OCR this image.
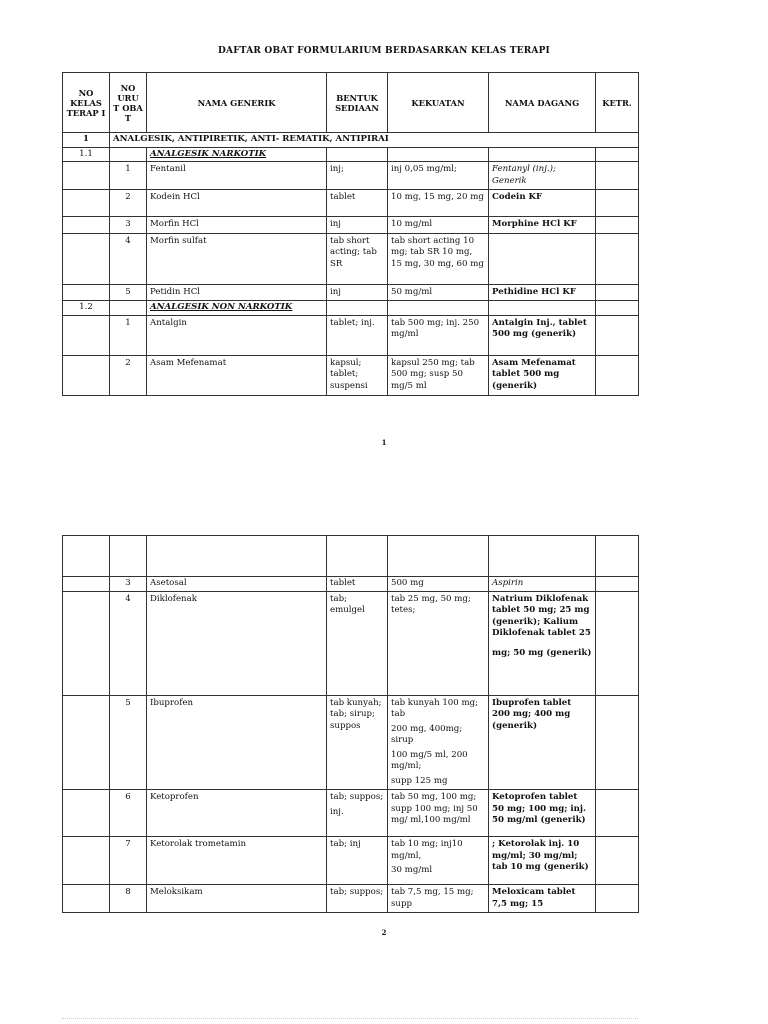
DAFTAR OBAT FORMULARIUM BERDASARKAN KELAS TERAPI
NO KELAS TERAP I	NO URU T OBA T	NAMA GENERIK	BENTUK SEDIAAN	KEKUATAN	NAMA DAGANG	KETR.
1	ANALGESIK, ANTIPIRETIK, ANTI- REMATIK, ANTIPIRAI					
1.1		ANALGESIK NARKOTIK				
	1	Fentanil	inj;	inj 0,05 mg/ml;	Fentanyl (inj.); Generik	
	2	Kodein HCl	tablet	10 mg, 15 mg, 20 mg	Codein KF	
	3	Morfin HCl	inj	10 mg/ml	Morphine HCl KF	
	4	Morfin sulfat	tab short acting; tab SR	tab short acting 10 mg; tab SR 10 mg, 15 mg, 30 mg, 60 mg		
	5	Petidin HCl	inj	50 mg/ml	Pethidine HCl KF	
1.2		ANALGESIK NON NARKOTIK				
	1	Antalgin	tablet; inj.	tab 500 mg; inj. 250 mg/ml	Antalgin Inj., tablet 500 mg (generik)	
	2	Asam Mefenamat	kapsul; tablet; suspensi	kapsul 250 mg; tab 500 mg; susp 50 mg/5 ml	Asam Mefenamat tablet 500 mg (generik)	
1

	3	Asetosal	tablet	500 mg	Aspirin	
	4	Diklofenak	tab; emulgel	tab 25 mg, 50 mg; tetes;	Natrium Diklofenak tablet 50 mg; 25 mg (generik); Kalium Diklofenak tablet 25
mg; 50 mg (generik)	
	5	Ibuprofen	tab kunyah; tab; sirup; suppos	tab kunyah 100 mg; tab
200 mg, 400mg; sirup
100 mg/5 ml, 200 mg/ml;
supp 125 mg	Ibuprofen tablet 200 mg; 400 mg (generik)	
	6	Ketoprofen	tab; suppos;
inj.	tab 50 mg, 100 mg; supp 100 mg; inj 50 mg/ ml,100 mg/ml	Ketoprofen tablet 50 mg; 100 mg; inj. 50 mg/ml (generik)	
	7	Ketorolak trometamin	tab; inj	tab 10 mg; inj10 mg/ml,
30 mg/ml	; Ketorolak inj. 10 mg/ml; 30 mg/ml; tab 10 mg (generik)	
	8	Meloksikam	tab; suppos;	tab 7,5 mg, 15 mg; supp	Meloxicam tablet 7,5 mg; 15	
2
